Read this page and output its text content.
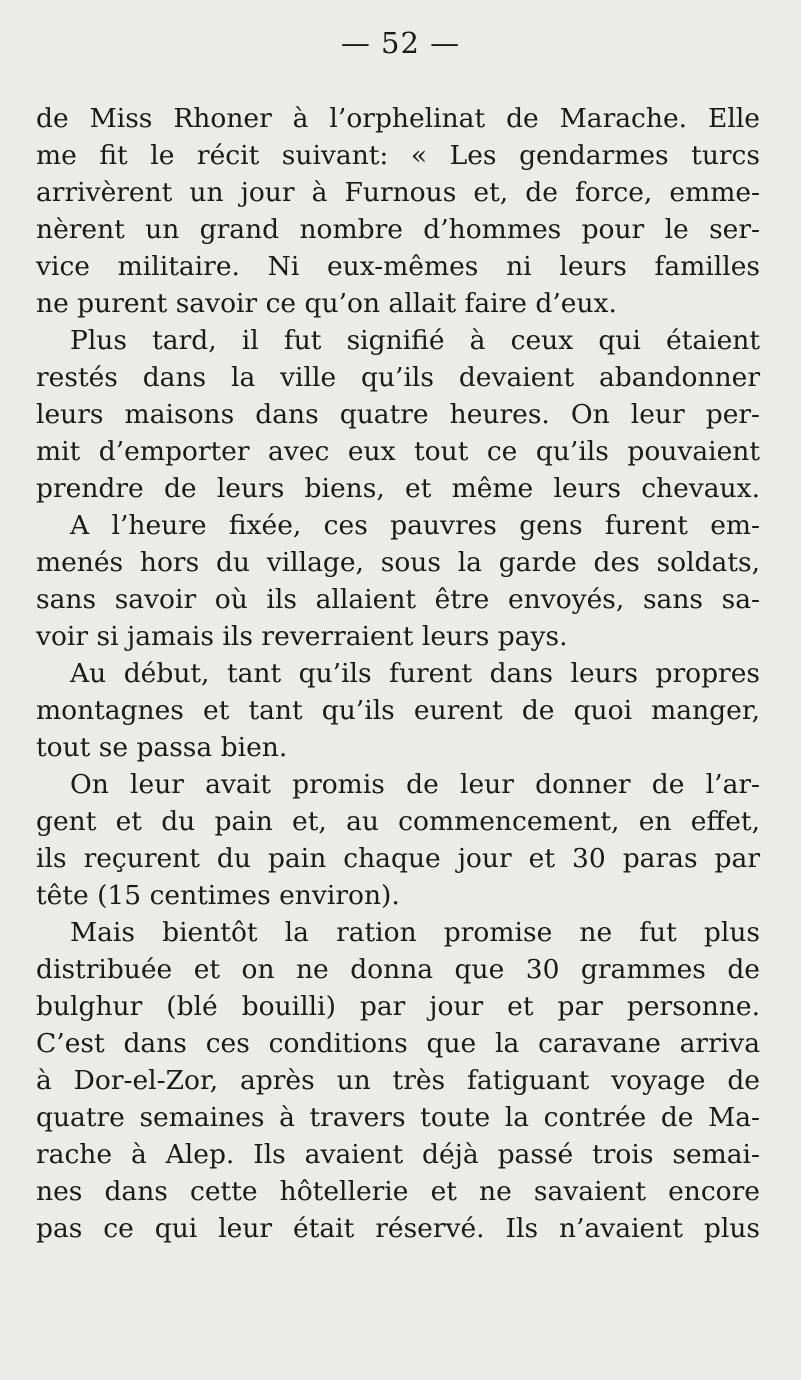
— 52 —
de Miss Rhoner à l’orphelinat de Marache. Elle
me fit le récit suivant: « Les gendarmes turcs
arrivèrent un jour à Furnous et, de force, emme-
nèrent un grand nombre d’hommes pour le ser-
vice militaire. Ni eux-mêmes ni leurs familles
ne purent savoir ce qu’on allait faire d’eux.
Plus tard, il fut signifié à ceux qui étaient
restés dans la ville qu’ils devaient abandonner
leurs maisons dans quatre heures. On leur per-
mit d’emporter avec eux tout ce qu’ils pouvaient
prendre de leurs biens, et même leurs chevaux.
A l’heure fixée, ces pauvres gens furent em-
menés hors du village, sous la garde des soldats,
sans savoir où ils allaient être envoyés, sans sa-
voir si jamais ils reverraient leurs pays.
Au début, tant qu’ils furent dans leurs propres
montagnes et tant qu’ils eurent de quoi manger,
tout se passa bien.
On leur avait promis de leur donner de l’ar-
gent et du pain et, au commencement, en effet,
ils reçurent du pain chaque jour et 30 paras par
tête (15 centimes environ).
Mais bientôt la ration promise ne fut plus
distribuée et on ne donna que 30 grammes de
bulghur (blé bouilli) par jour et par personne.
C’est dans ces conditions que la caravane arriva
à Dor-el-Zor, après un très fatiguant voyage de
quatre semaines à travers toute la contrée de Ma-
rache à Alep. Ils avaient déjà passé trois semai-
nes dans cette hôtellerie et ne savaient encore
pas ce qui leur était réservé. Ils n’avaient plus
